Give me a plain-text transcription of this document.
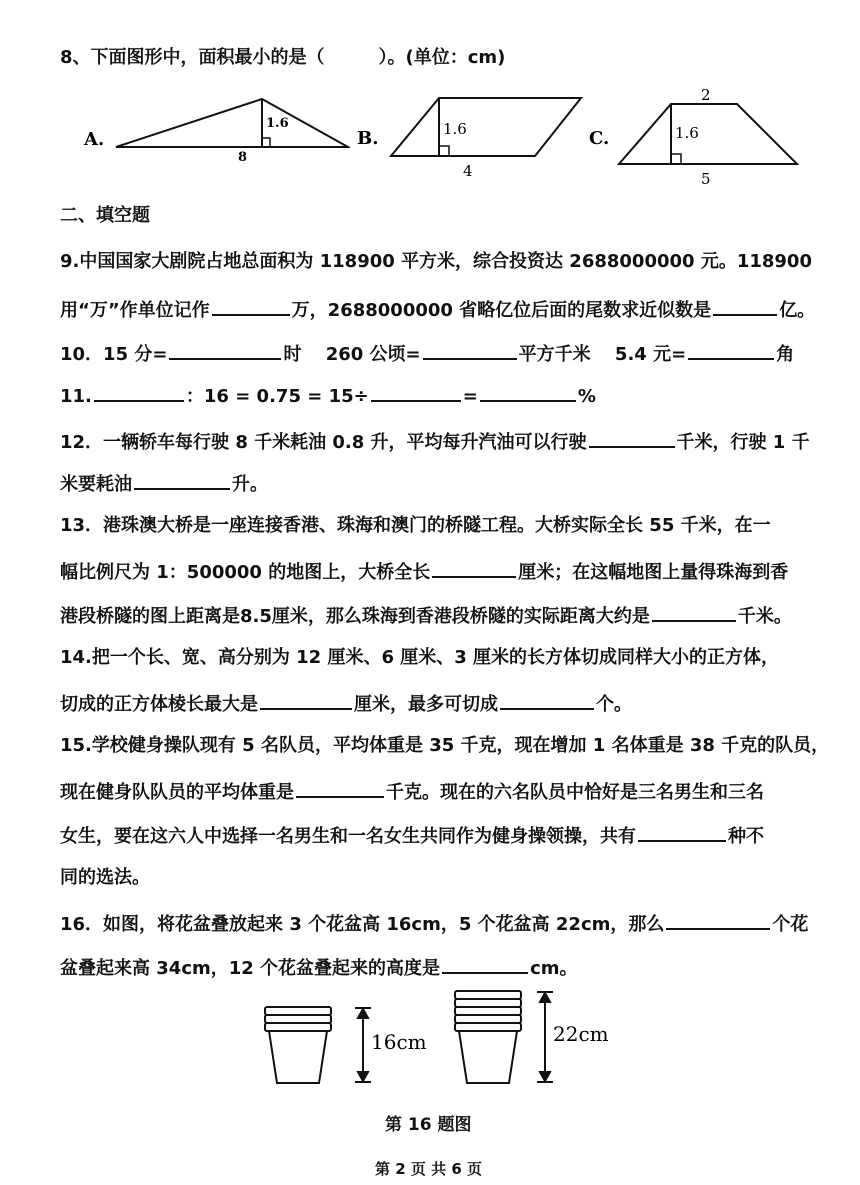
8、下面图形中，面积最小的是（　　　）。(单位：cm)
A.
1.6
8
B.	1.6
4
C.	1.6
2
5
二、填空题
9.中国国家大剧院占地总面积为 118900 平方米，综合投资达 2688000000 元。118900
用“万”作单位记作	万，2688000000 省略亿位后面的尾数求近似数是	亿。
10．15 分=	时　 260 公顷=	平方千米　 5.4 元=	角
11.	：16 = 0.75 = 15÷	=	%
12．一辆轿车每行驶 8 千米耗油 0.8 升，平均每升汽油可以行驶	千米，行驶 1 千
米要耗油	升。
13．港珠澳大桥是一座连接香港、珠海和澳门的桥隧工程。大桥实际全长 55 千米，在一
幅比例尺为 1：500000 的地图上，大桥全长	厘米；在这幅地图上量得珠海到香
港段桥隧的图上距离是8.5厘米，那么珠海到香港段桥隧的实际距离大约是	千米。
14.把一个长、宽、高分别为 12 厘米、6 厘米、3 厘米的长方体切成同样大小的正方体，
切成的正方体棱长最大是	厘米，最多可切成	个。
15.学校健身操队现有 5 名队员，平均体重是 35 千克，现在增加 1 名体重是 38 千克的队员，
现在健身队队员的平均体重是	千克。现在的六名队员中恰好是三名男生和三名
女生，要在这六人中选择一名男生和一名女生共同作为健身操领操，共有	种不
同的选法。
16．如图，将花盆叠放起来 3 个花盆高 16cm，5 个花盆高 22cm，那么	个花
盆叠起来高 34cm，12 个花盆叠起来的高度是	cm。
16cm	22cm
第 16 题图
第 2 页 共 6 页
